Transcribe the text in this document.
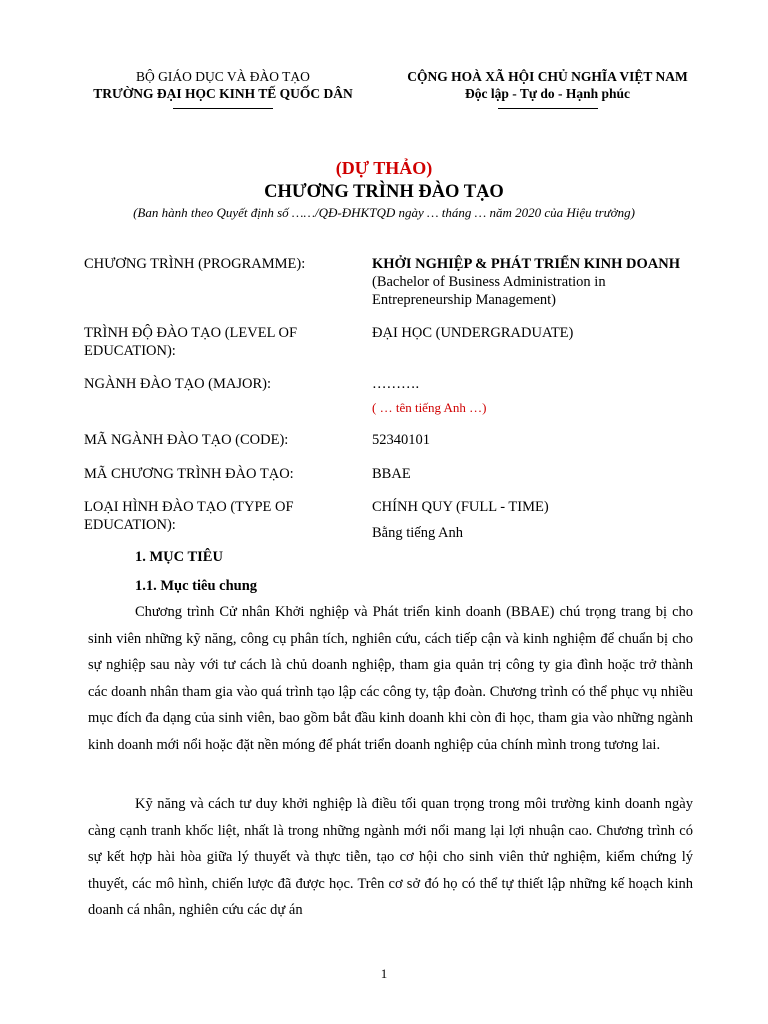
BỘ GIÁO DỤC VÀ ĐÀO TẠO
TRƯỜNG ĐẠI HỌC KINH TẾ QUỐC DÂN
CỘNG HOÀ XÃ HỘI CHỦ NGHĨA VIỆT NAM
Độc lập - Tự do - Hạnh phúc
(DỰ THẢO)
CHƯƠNG TRÌNH ĐÀO TẠO
(Ban hành theo Quyết định số ……/QĐ-ĐHKTQD ngày … tháng … năm 2020 của Hiệu trưởng)
CHƯƠNG TRÌNH (PROGRAMME):	KHỞI NGHIỆP & PHÁT TRIỂN KINH DOANH (Bachelor of Business Administration in Entrepreneurship Management)
TRÌNH ĐỘ ĐÀO TẠO (LEVEL OF EDUCATION):
ĐẠI HỌC (UNDERGRADUATE)
NGÀNH ĐÀO TẠO (MAJOR):	……….
( … tên tiếng Anh …)
MÃ NGÀNH ĐÀO TẠO (CODE):	52340101
MÃ CHƯƠNG TRÌNH ĐÀO TẠO:	BBAE
LOẠI HÌNH ĐÀO TẠO (TYPE OF EDUCATION):
CHÍNH QUY (FULL - TIME)
Bằng tiếng Anh
1. MỤC TIÊU
1.1. Mục tiêu chung

Chương trình Cử nhân Khởi nghiệp và Phát triển kinh doanh (BBAE) chú trọng trang bị cho sinh viên những kỹ năng, công cụ phân tích, nghiên cứu, cách tiếp cận và kinh nghiệm để chuẩn bị cho sự nghiệp sau này với tư cách là chủ doanh nghiệp, tham gia quản trị công ty gia đình hoặc trở thành các doanh nhân tham gia vào quá trình tạo lập các công ty, tập đoàn. Chương trình có thể phục vụ nhiều mục đích đa dạng của sinh viên, bao gồm bắt đầu kinh doanh khi còn đi học, tham gia vào những ngành kinh doanh mới nổi hoặc đặt nền móng để phát triển doanh nghiệp của chính mình trong tương lai.

Kỹ năng và cách tư duy khởi nghiệp là điều tối quan trọng trong môi trường kinh doanh ngày càng cạnh tranh khốc liệt, nhất là trong những ngành mới nổi mang lại lợi nhuận cao. Chương trình có sự kết hợp hài hòa giữa lý thuyết và thực tiễn, tạo cơ hội cho sinh viên thử nghiệm, kiểm chứng lý thuyết, các mô hình, chiến lược đã được học. Trên cơ sở đó họ có thể tự thiết lập những kế hoạch kinh doanh cá nhân, nghiên cứu các dự án

1
